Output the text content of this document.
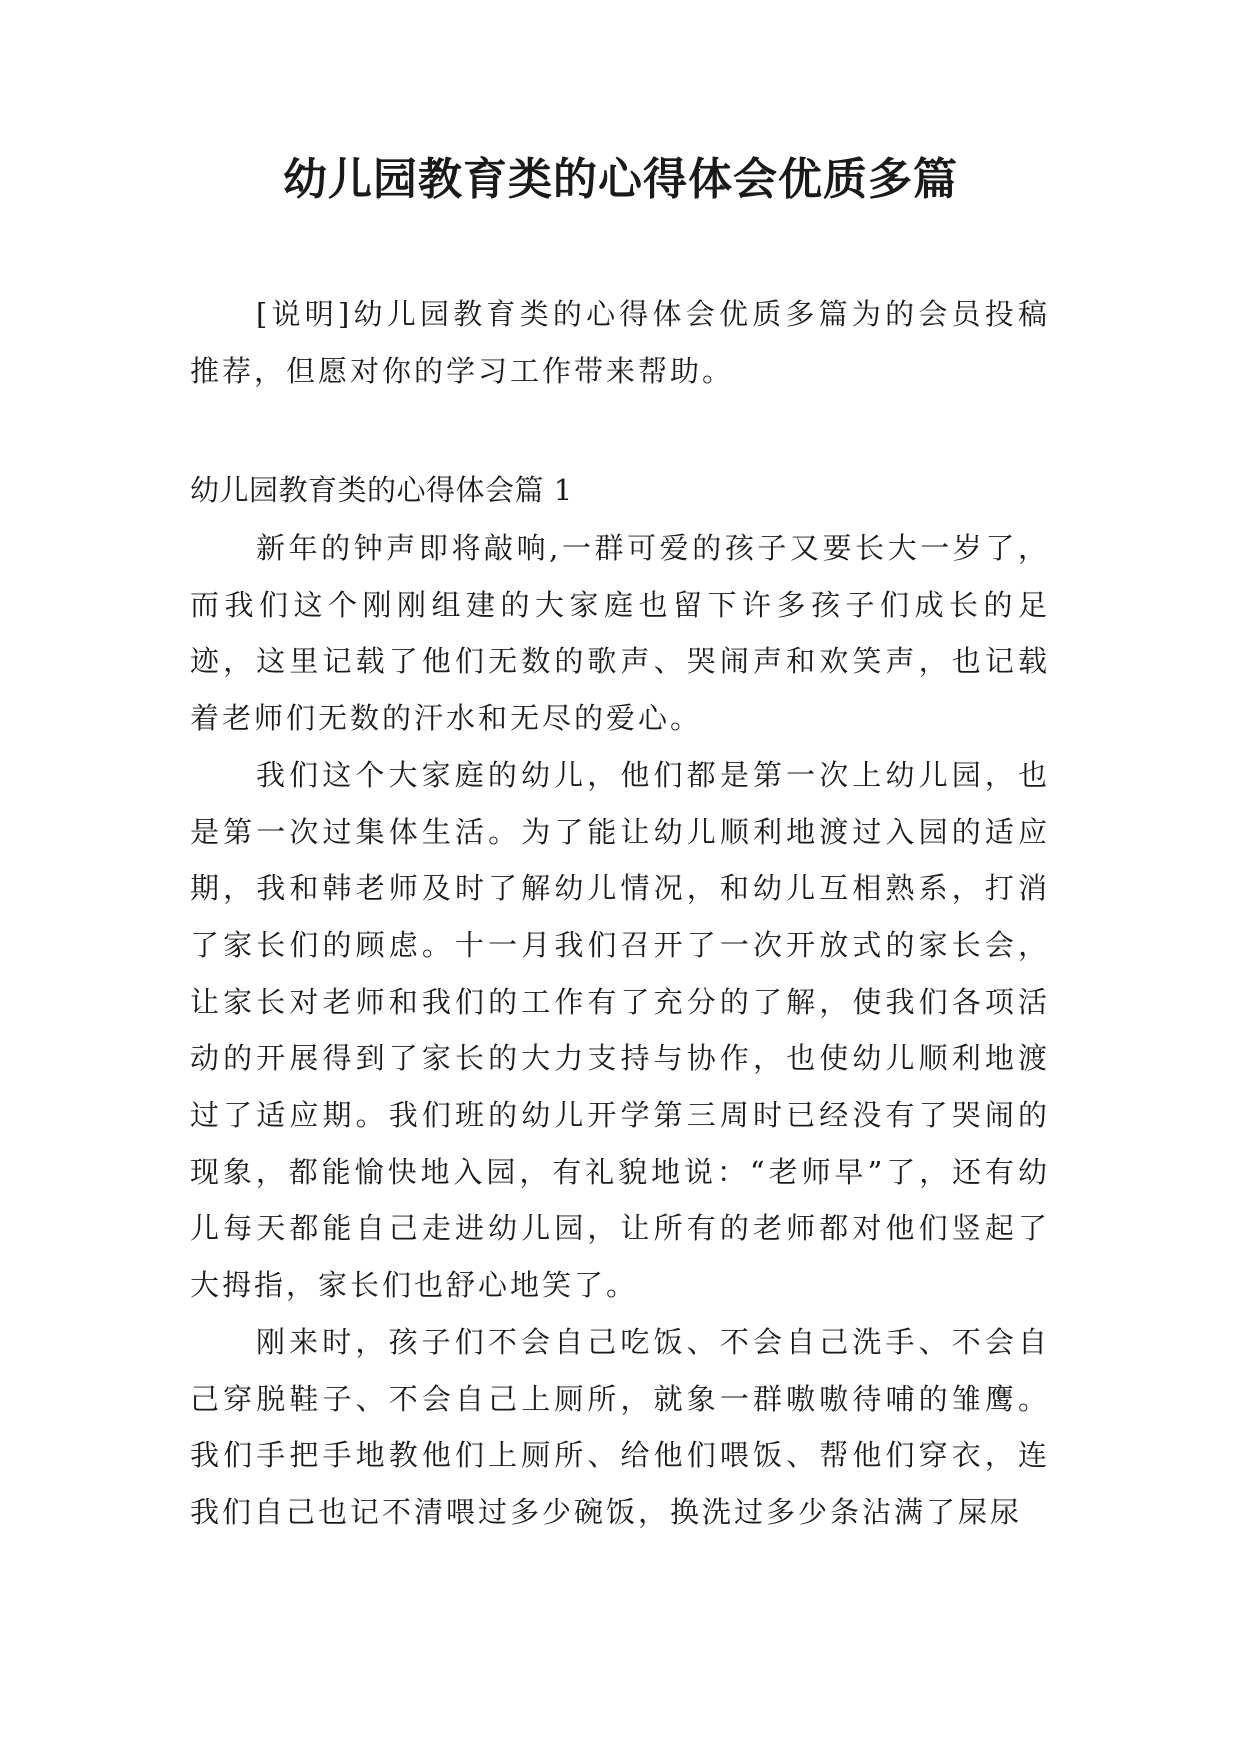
幼儿园教育类的心得体会优质多篇

[说明]幼儿园教育类的心得体会优质多篇为的会员投稿推荐，但愿对你的学习工作带来帮助。

幼儿园教育类的心得体会篇 1

新年的钟声即将敲响,一群可爱的孩子又要长大一岁了，而我们这个刚刚组建的大家庭也留下许多孩子们成长的足迹，这里记载了他们无数的歌声、哭闹声和欢笑声，也记载着老师们无数的汗水和无尽的爱心。

我们这个大家庭的幼儿，他们都是第一次上幼儿园，也是第一次过集体生活。为了能让幼儿顺利地渡过入园的适应期，我和韩老师及时了解幼儿情况，和幼儿互相熟系，打消了家长们的顾虑。十一月我们召开了一次开放式的家长会，让家长对老师和我们的工作有了充分的了解，使我们各项活动的开展得到了家长的大力支持与协作，也使幼儿顺利地渡过了适应期。我们班的幼儿开学第三周时已经没有了哭闹的现象，都能愉快地入园，有礼貌地说：“老师早”了，还有幼儿每天都能自己走进幼儿园，让所有的老师都对他们竖起了大拇指，家长们也舒心地笑了。

刚来时，孩子们不会自己吃饭、不会自己洗手、不会自己穿脱鞋子、不会自己上厕所，就象一群嗷嗷待哺的雏鹰。我们手把手地教他们上厕所、给他们喂饭、帮他们穿衣，连我们自己也记不清喂过多少碗饭，换洗过多少条沾满了屎尿
